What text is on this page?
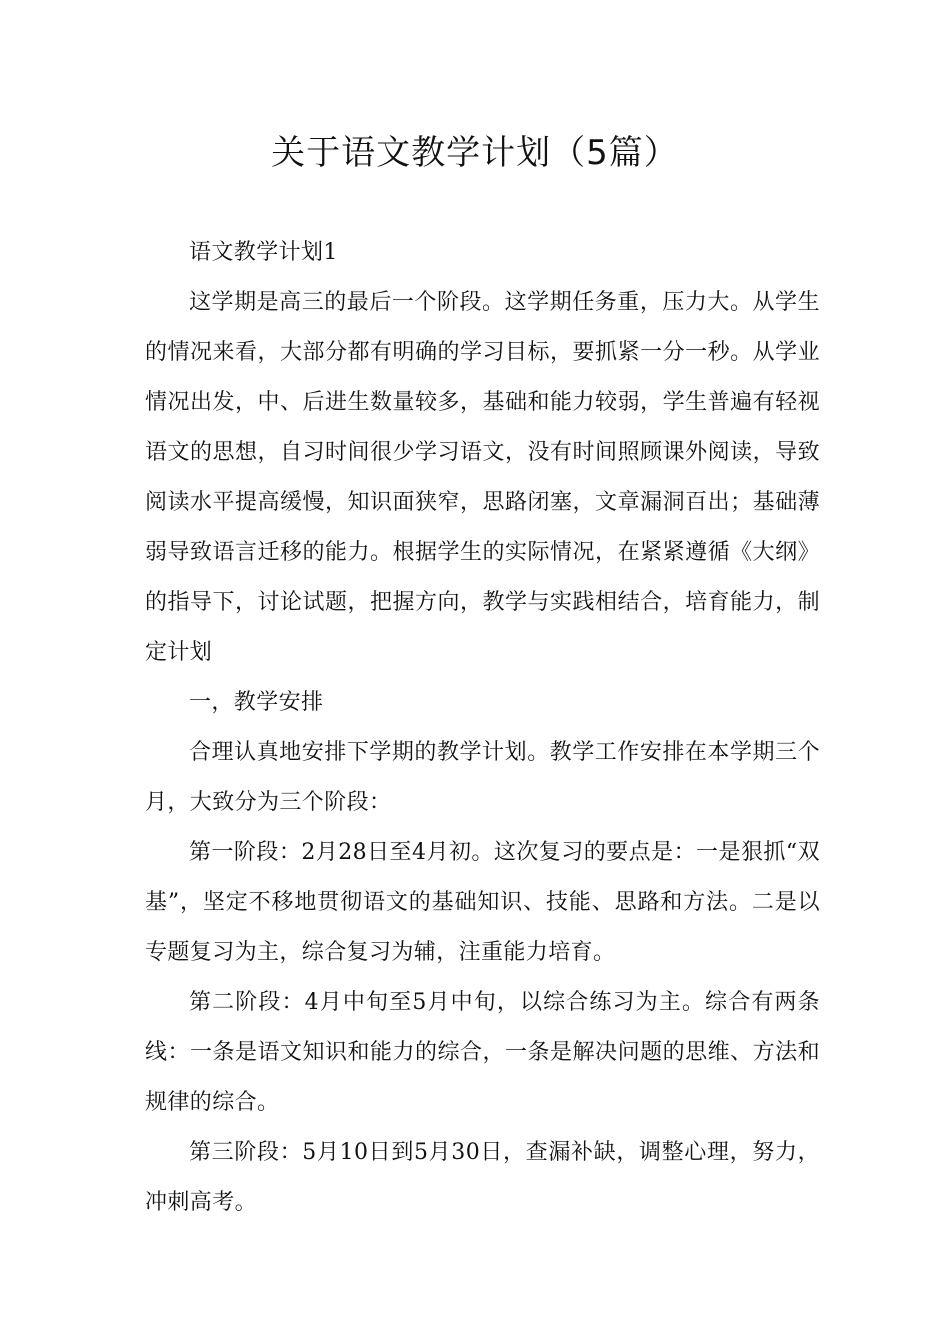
关于语文教学计划（5篇）

语文教学计划1

这学期是高三的最后一个阶段。这学期任务重，压力大。从学生的情况来看，大部分都有明确的学习目标，要抓紧一分一秒。从学业情况出发，中、后进生数量较多，基础和能力较弱，学生普遍有轻视语文的思想，自习时间很少学习语文，没有时间照顾课外阅读，导致阅读水平提高缓慢，知识面狭窄，思路闭塞，文章漏洞百出；基础薄弱导致语言迁移的能力。根据学生的实际情况，在紧紧遵循《大纲》的指导下，讨论试题，把握方向，教学与实践相结合，培育能力，制定计划

一，教学安排

合理认真地安排下学期的教学计划。教学工作安排在本学期三个月，大致分为三个阶段：

第一阶段：2月28日至4月初。这次复习的要点是：一是狠抓“双基”，坚定不移地贯彻语文的基础知识、技能、思路和方法。二是以专题复习为主，综合复习为辅，注重能力培育。

第二阶段：4月中旬至5月中旬，以综合练习为主。综合有两条线：一条是语文知识和能力的综合，一条是解决问题的思维、方法和规律的综合。

第三阶段：5月10日到5月30日，查漏补缺，调整心理，努力，冲刺高考。
